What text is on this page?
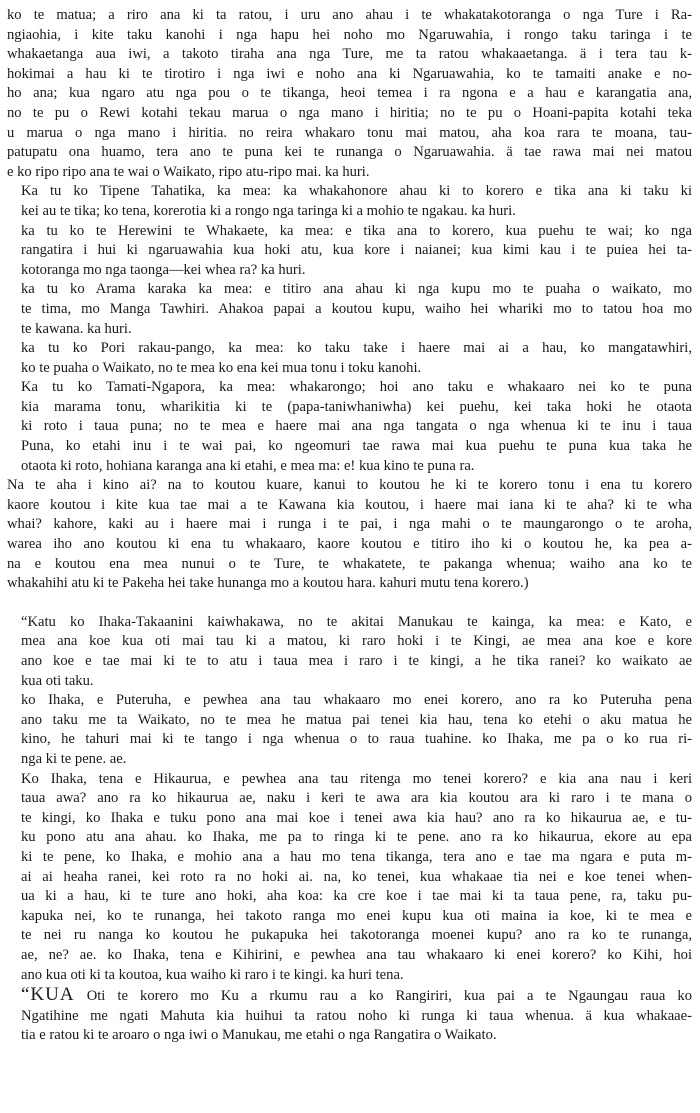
ko te matua; a riro ana ki ta ratou, i uru ano ahau i te whakatakotoranga o nga Ture i Ra-
ngiaohia, i kite taku kanohi i nga hapu hei noho mo Ngaruwahia, i rongo taku taringa i te
whakaetanga aua iwi, a takoto tiraha ana nga Ture, me ta ratou whakaaetanga. ä i tera tau k-
hokimai a hau ki te tirotiro i nga iwi e noho ana ki Ngaruawahia, ko te tamaiti anake e no-
ho ana; kua ngaro atu nga pou o te tikanga, heoi temea i ra ngona e a hau e karangatia ana,
no te pu o Rewi kotahi tekau marua o nga mano i hiritia; no te pu o Hoani-papita kotahi teka
u marua o nga mano i hiritia. no reira whakaro tonu mai matou, aha koa rara te moana, tau-
patupatu ona huamo, tera ano te puna kei te runanga o Ngaruawahia. ä tae rawa mai nei matou
e ko ripo ripo ana te wai o Waikato, ripo atu-ripo mai. ka huri.
Ka tu ko Tipene Tahatika, ka mea: ka whakahonore ahau ki to korero e tika ana ki taku ki
kei au te tika; ko tena, korerotia ki a rongo nga taringa ki a mohio te ngakau. ka huri.
ka tu ko te Herewini te Whakaete, ka mea: e tika ana to korero, kua puehu te wai; ko nga
rangatira i hui ki ngaruawahia kua hoki atu, kua kore i naianei; kua kimi kau i te puiea hei ta-
kotoranga mo nga taonga—kei whea ra? ka huri.
ka tu ko Arama karaka ka mea: e titiro ana ahau ki nga kupu mo te puaha o waikato, mo
te tima, mo Manga Tawhiri. Ahakoa papai a koutou kupu, waiho hei whariki mo to tatou hoa mo
te kawana. ka huri.
ka tu ko Pori rakau-pango, ka mea: ko taku take i haere mai ai a hau, ko mangatawhiri,
ko te puaha o Waikato, no te mea ko ena kei mua tonu i toku kanohi.
Ka tu ko Tamati-Ngapora, ka mea: whakarongo; hoi ano taku e whakaaro nei ko te puna
kia marama tonu, wharikitia ki te (papa-taniwhaniwha) kei puehu, kei taka hoki he otaota
ki roto i taua puna; no te mea e haere mai ana nga tangata o nga whenua ki te inu i taua
Puna, ko etahi inu i te wai pai, ko ngeomuri tae rawa mai kua puehu te puna kua taka he
otaota ki roto, hohiana karanga ana ki etahi, e mea ma: e! kua kino te puna ra.
Na te aha i kino ai? na to koutou kuare, kanui to koutou he ki te korero tonu i ena tu korero
kaore koutou i kite kua tae mai a te Kawana kia koutou, i haere mai iana ki te aha? ki te wha
whai? kahore, kaki au i haere mai i runga i te pai, i nga mahi o te maungarongo o te aroha,
warea iho ano koutou ki ena tu whakaaro, kaore koutou e titiro iho ki o koutou he, ka pea a-
na e koutou ena mea nunui o te Ture, te whakatete, te pakanga whenua; waiho ana ko te
whakahihi atu ki te Pakeha hei take hunanga mo a koutou hara. kahuri mutu tena korero.)
“Katu ko Ihaka-Takaanini kaiwhakawa, no te akitai Manukau te kainga, ka mea: e Kato, e
mea ana koe kua oti mai tau ki a matou, ki raro hoki i te Kingi, ae mea ana koe e kore
ano koe e tae mai ki te to atu i taua mea i raro i te kingi, a he tika ranei? ko waikato ae
kua oti taku.
ko Ihaka, e Puteruha, e pewhea ana tau whakaaro mo enei korero, ano ra ko Puteruha pena
ano taku me ta Waikato, no te mea he matua pai tenei kia hau, tena ko etehi o aku matua he
kino, he tahuri mai ki te tango i nga whenua o to raua tuahine. ko Ihaka, me pa o ko rua ri-
nga ki te pene. ae.
Ko Ihaka, tena e Hikaurua, e pewhea ana tau ritenga mo tenei korero? e kia ana nau i keri
taua awa? ano ra ko hikaurua ae, naku i keri te awa ara kia koutou ara ki raro i te mana o
te kingi, ko Ihaka e tuku pono ana mai koe i tenei awa kia hau? ano ra ko hikaurua ae, e tu-
ku pono atu ana ahau. ko Ihaka, me pa to ringa ki te pene. ano ra ko hikaurua, ekore au epa
ki te pene, ko Ihaka, e mohio ana a hau mo tena tikanga, tera ano e tae ma ngara e puta m-
ai ai heaha ranei, kei roto ra no hoki ai. na, ko tenei, kua whakaae tia nei e koe tenei when-
ua ki a hau, ki te ture ano hoki, aha koa: ka cre koe i tae mai ki ta taua pene, ra, taku pu-
kapuka nei, ko te runanga, hei takoto ranga mo enei kupu kua oti maina ia koe, ki te mea e
te nei ru nanga ko koutou he pukapuka hei takotoranga moenei kupu? ano ra ko te runanga,
ae, ne? ae. ko Ihaka, tena e Kihirini, e pewhea ana tau whakaaro ki enei korero? ko Kihi, hoi
ano kua oti ki ta koutoa, kua waiho ki raro i te kingi. ka huri tena.
“KUA Oti te korero mo Ku a rkumu rau a ko Rangiriri, kua pai a te Ngaungau raua ko
Ngatihine me ngati Mahuta kia huihui ta ratou noho ki runga ki taua whenua. ä kua whakaae-
tia e ratou ki te aroaro o nga iwi o Manukau, me etahi o nga Rangatira o Waikato.
